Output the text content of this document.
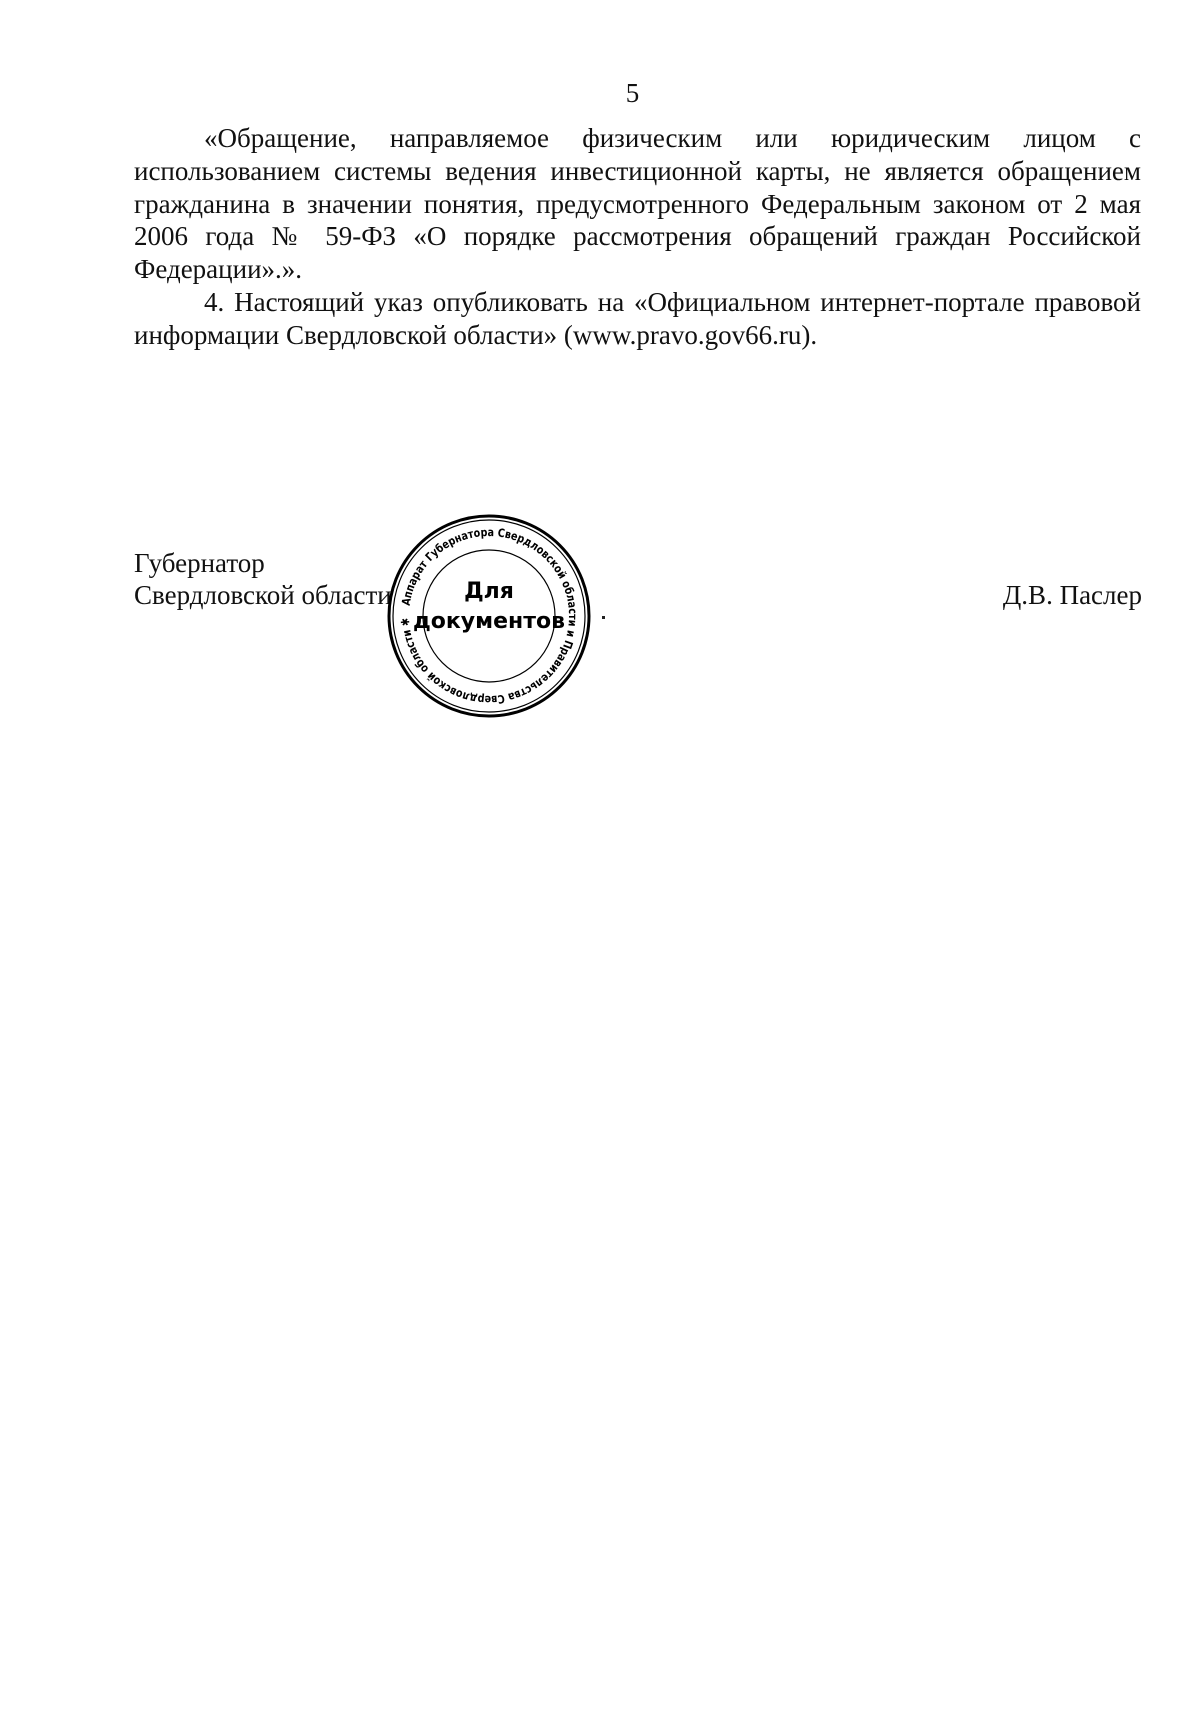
5

«Обращение, направляемое физическим или юридическим лицом с использованием системы ведения инвестиционной карты, не является обращением гражданина в значении понятия, предусмотренного Федеральным законом от 2 мая 2006 года № 59-ФЗ «О порядке рассмотрения обращений граждан Российской Федерации».».

4. Настоящий указ опубликовать на «Официальном интернет-портале правовой информации Свердловской области» (www.pravo.gov66.ru).

Губернатор
Свердловской области	Д.В. Паслер
Аппарат Губернатора Свердловской области и Правительства Свердловской области ✱
Для
документов
